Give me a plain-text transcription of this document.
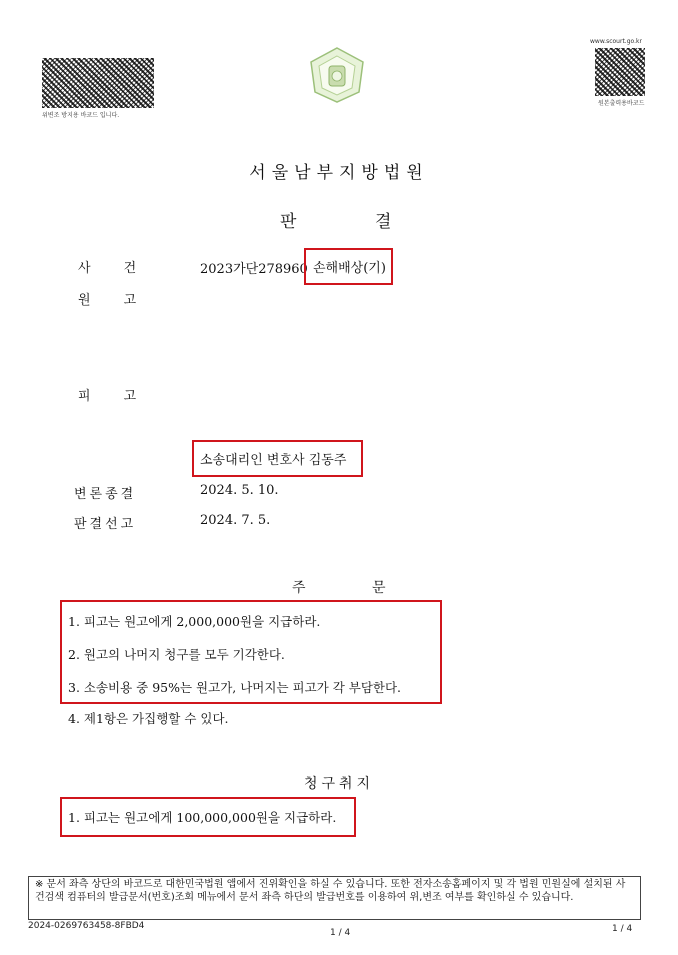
위변조 방지용 바코드 입니다.
www.scourt.go.kr
원본출력용바코드
서울남부지방법원
판	결
사        건	2023가단278960 손해배상(기)
원        고
피        고
소송대리인 변호사 김동주
변론종결	2024. 5. 10.
판결선고	2024. 7. 5.
주	문
1. 피고는 원고에게 2,000,000원을 지급하라.
2. 원고의 나머지 청구를 모두 기각한다.
3. 소송비용 중 95%는 원고가, 나머지는 피고가 각 부담한다.
4. 제1항은 가집행할 수 있다.
청구취지
1. 피고는 원고에게 100,000,000원을 지급하라.
※ 문서 좌측 상단의 바코드로 대한민국법원 앱에서 진위확인을 하실 수 있습니다. 또한 전자소송홈페이지 및 각 법원 민원실에 설치된 사건검색 컴퓨터의 발급문서(번호)조회 메뉴에서 문서 좌측 하단의 발급번호를 이용하여 위,변조 여부를 확인하실 수 있습니다.
2024-0269763458-8FBD4
1 / 4	1 / 4
